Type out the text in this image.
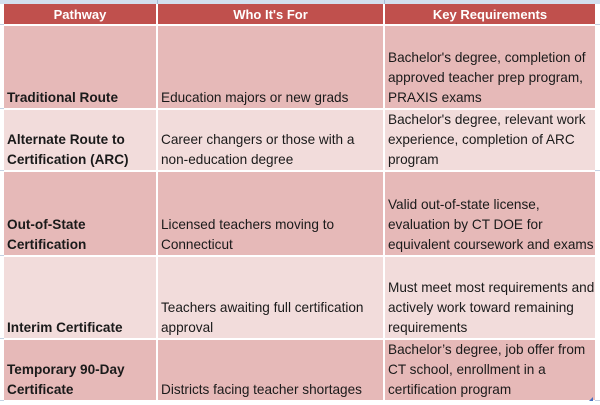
Pathway	Who It's For	Key Requirements
Traditional Route	Education majors or new grads	Bachelor's degree, completion of approved teacher prep program, PRAXIS exams
Alternate Route to Certification (ARC)	Career changers or those with a non-education degree	Bachelor's degree, relevant work experience, completion of ARC program
Out-of-State Certification	Licensed teachers moving to Connecticut	Valid out-of-state license, evaluation by CT DOE for equivalent coursework and exams
Interim Certificate	Teachers awaiting full certification approval	Must meet most requirements and actively work toward remaining requirements
Temporary 90-Day Certificate	Districts facing teacher shortages	Bachelor’s degree, job offer from CT school, enrollment in a certification program
